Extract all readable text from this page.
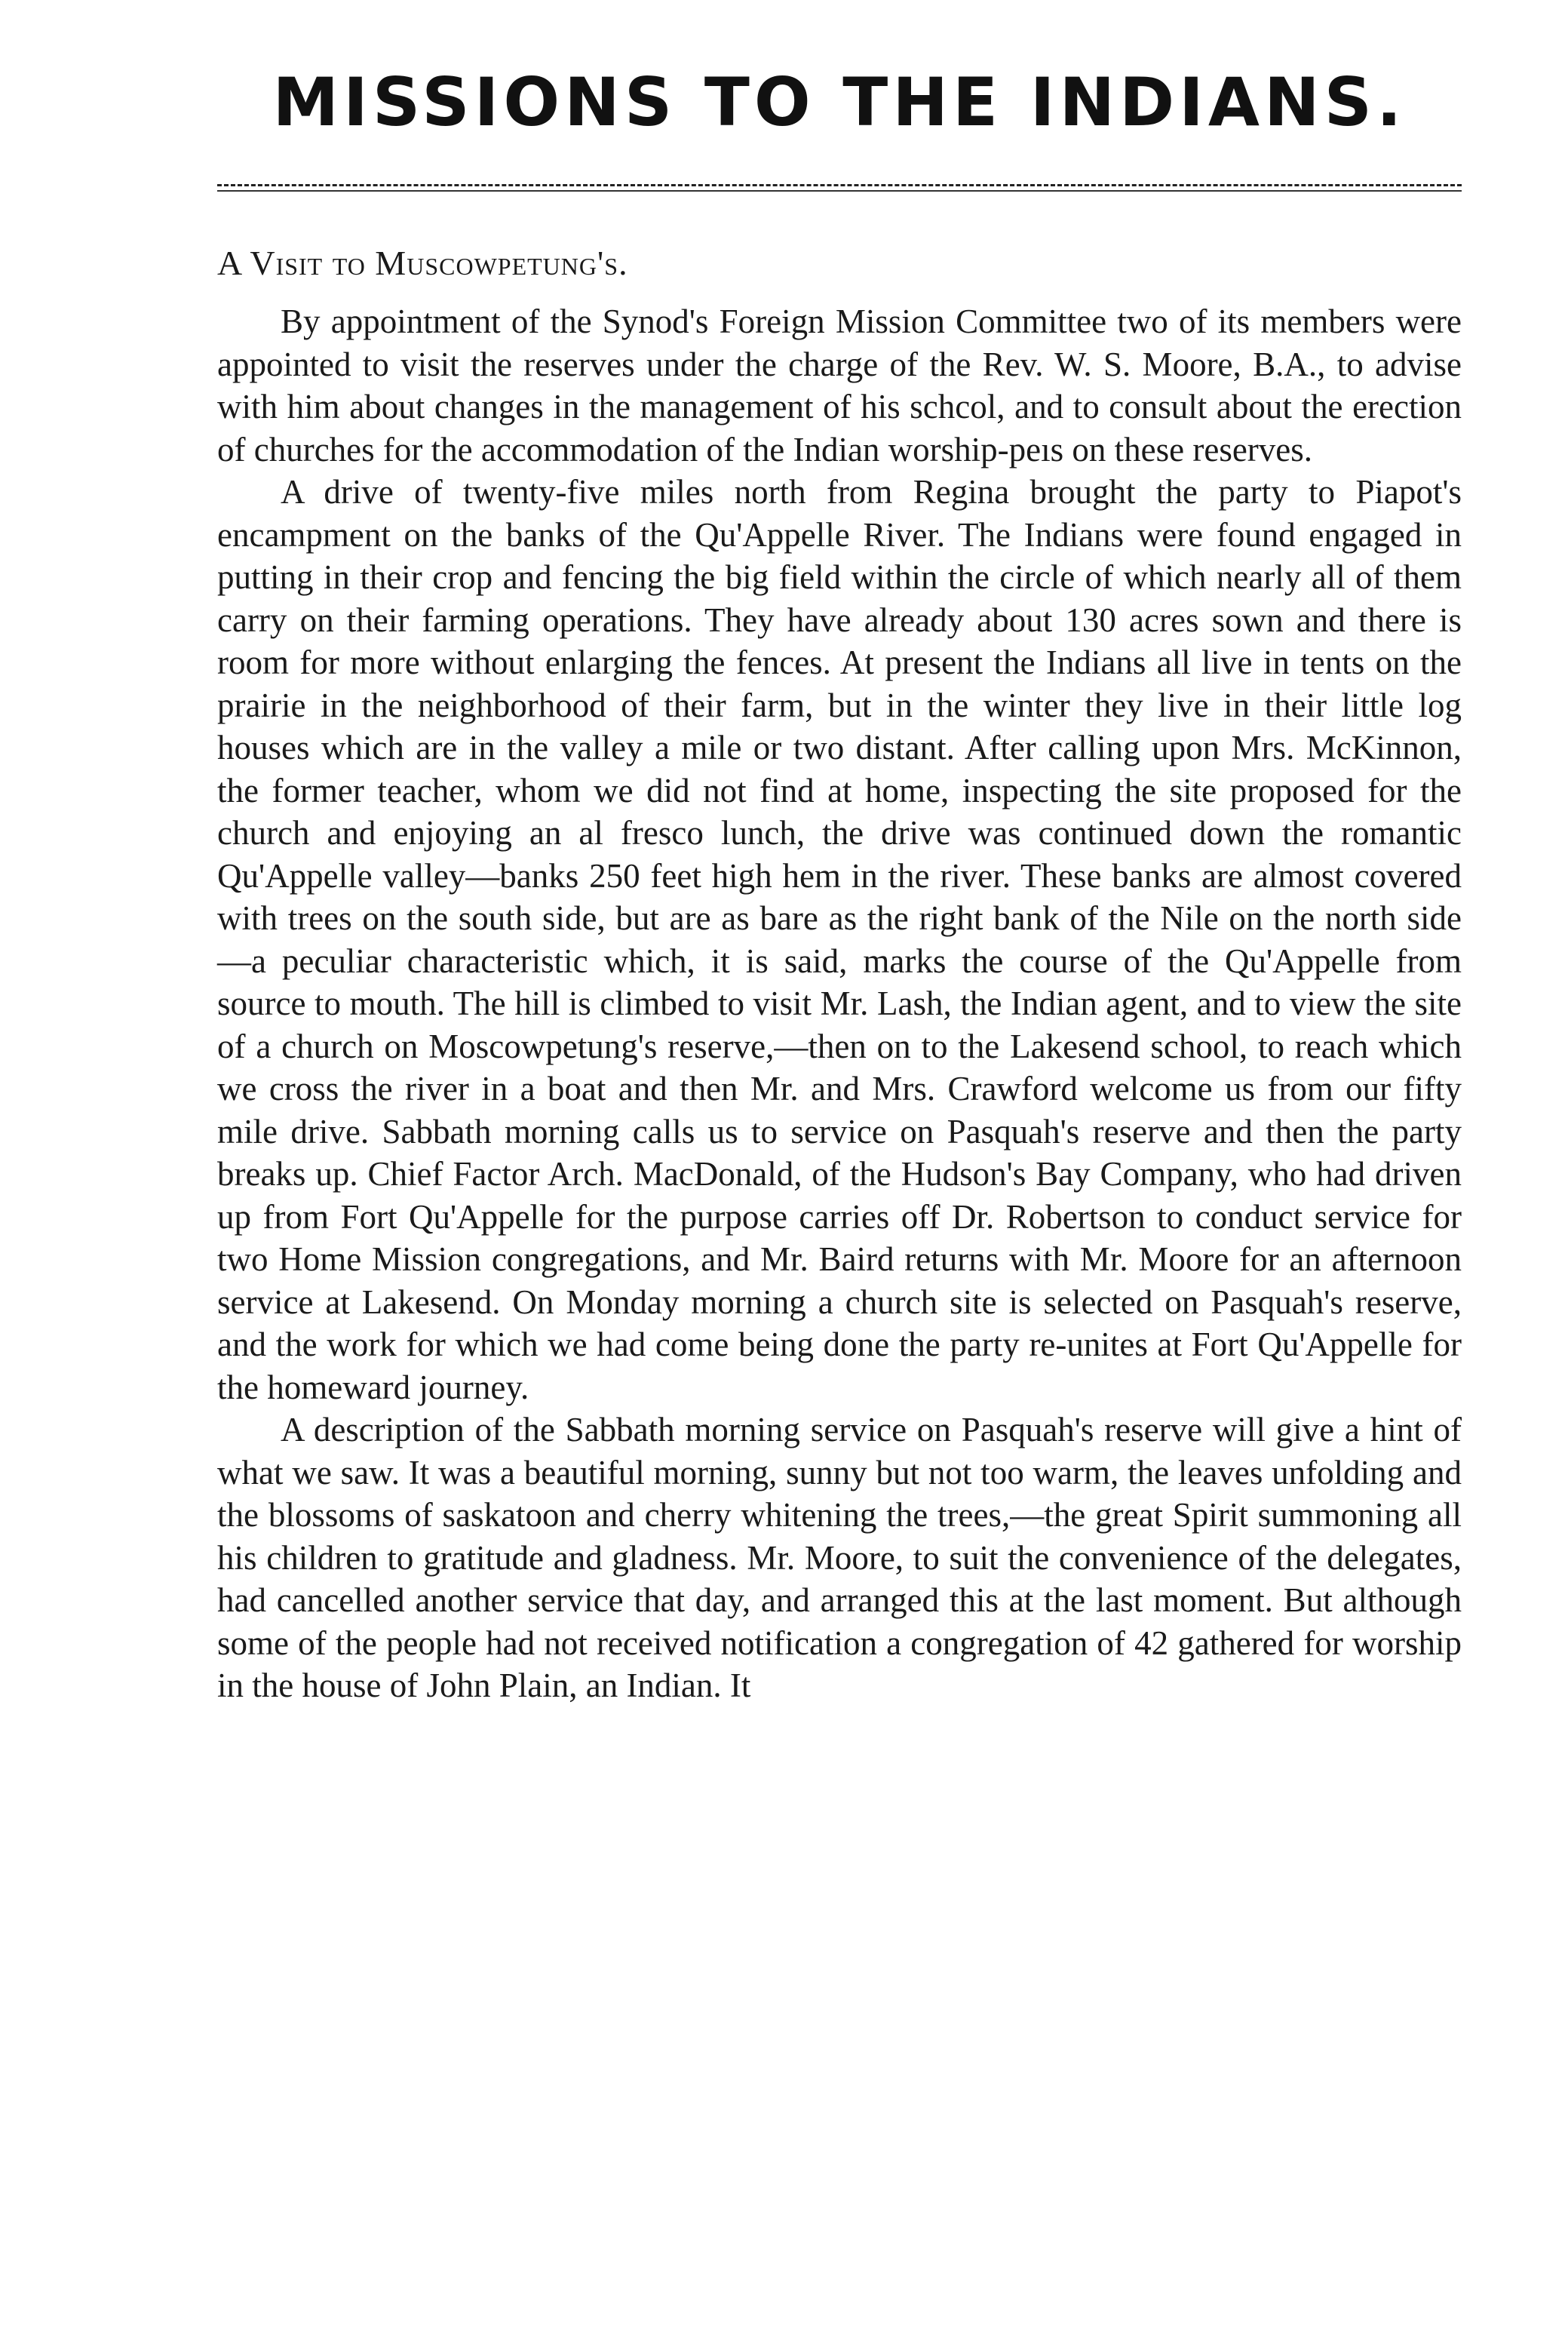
MISSIONS TO THE INDIANS.
A Visit to Muscowpetung's.

By appointment of the Synod's Foreign Mission Committee two of its members were appointed to visit the reserves under the charge of the Rev. W. S. Moore, B.A., to advise with him about changes in the management of his schcol, and to consult about the erection of churches for the accommodation of the Indian worship-peıs on these reserves.

A drive of twenty-five miles north from Regina brought the party to Piapot's encampment on the banks of the Qu'Appelle River. The Indians were found engaged in putting in their crop and fencing the big field within the circle of which nearly all of them carry on their farming operations. They have already about 130 acres sown and there is room for more without enlarging the fences. At present the Indians all live in tents on the prairie in the neighborhood of their farm, but in the winter they live in their little log houses which are in the valley a mile or two distant. After calling upon Mrs. McKinnon, the former teacher, whom we did not find at home, inspecting the site proposed for the church and enjoying an al fresco lunch, the drive was continued down the romantic Qu'Appelle valley—banks 250 feet high hem in the river. These banks are almost covered with trees on the south side, but are as bare as the right bank of the Nile on the north side —a peculiar characteristic which, it is said, marks the course of the Qu'Appelle from source to mouth. The hill is climbed to visit Mr. Lash, the Indian agent, and to view the site of a church on Moscowpetung's reserve,—then on to the Lakesend school, to reach which we cross the river in a boat and then Mr. and Mrs. Crawford welcome us from our fifty mile drive. Sabbath morning calls us to service on Pasquah's reserve and then the party breaks up. Chief Factor Arch. MacDonald, of the Hudson's Bay Company, who had driven up from Fort Qu'Appelle for the purpose carries off Dr. Robertson to conduct service for two Home Mission congregations, and Mr. Baird returns with Mr. Moore for an afternoon service at Lakesend. On Monday morning a church site is selected on Pasquah's reserve, and the work for which we had come being done the party re-unites at Fort Qu'Appelle for the homeward journey.

A description of the Sabbath morning service on Pasquah's reserve will give a hint of what we saw. It was a beautiful morning, sunny but not too warm, the leaves unfolding and the blossoms of saskatoon and cherry whitening the trees,—the great Spirit summoning all his children to gratitude and gladness. Mr. Moore, to suit the convenience of the delegates, had cancelled another service that day, and arranged this at the last moment. But although some of the people had not received notification a congregation of 42 gathered for worship in the house of John Plain, an Indian. It
